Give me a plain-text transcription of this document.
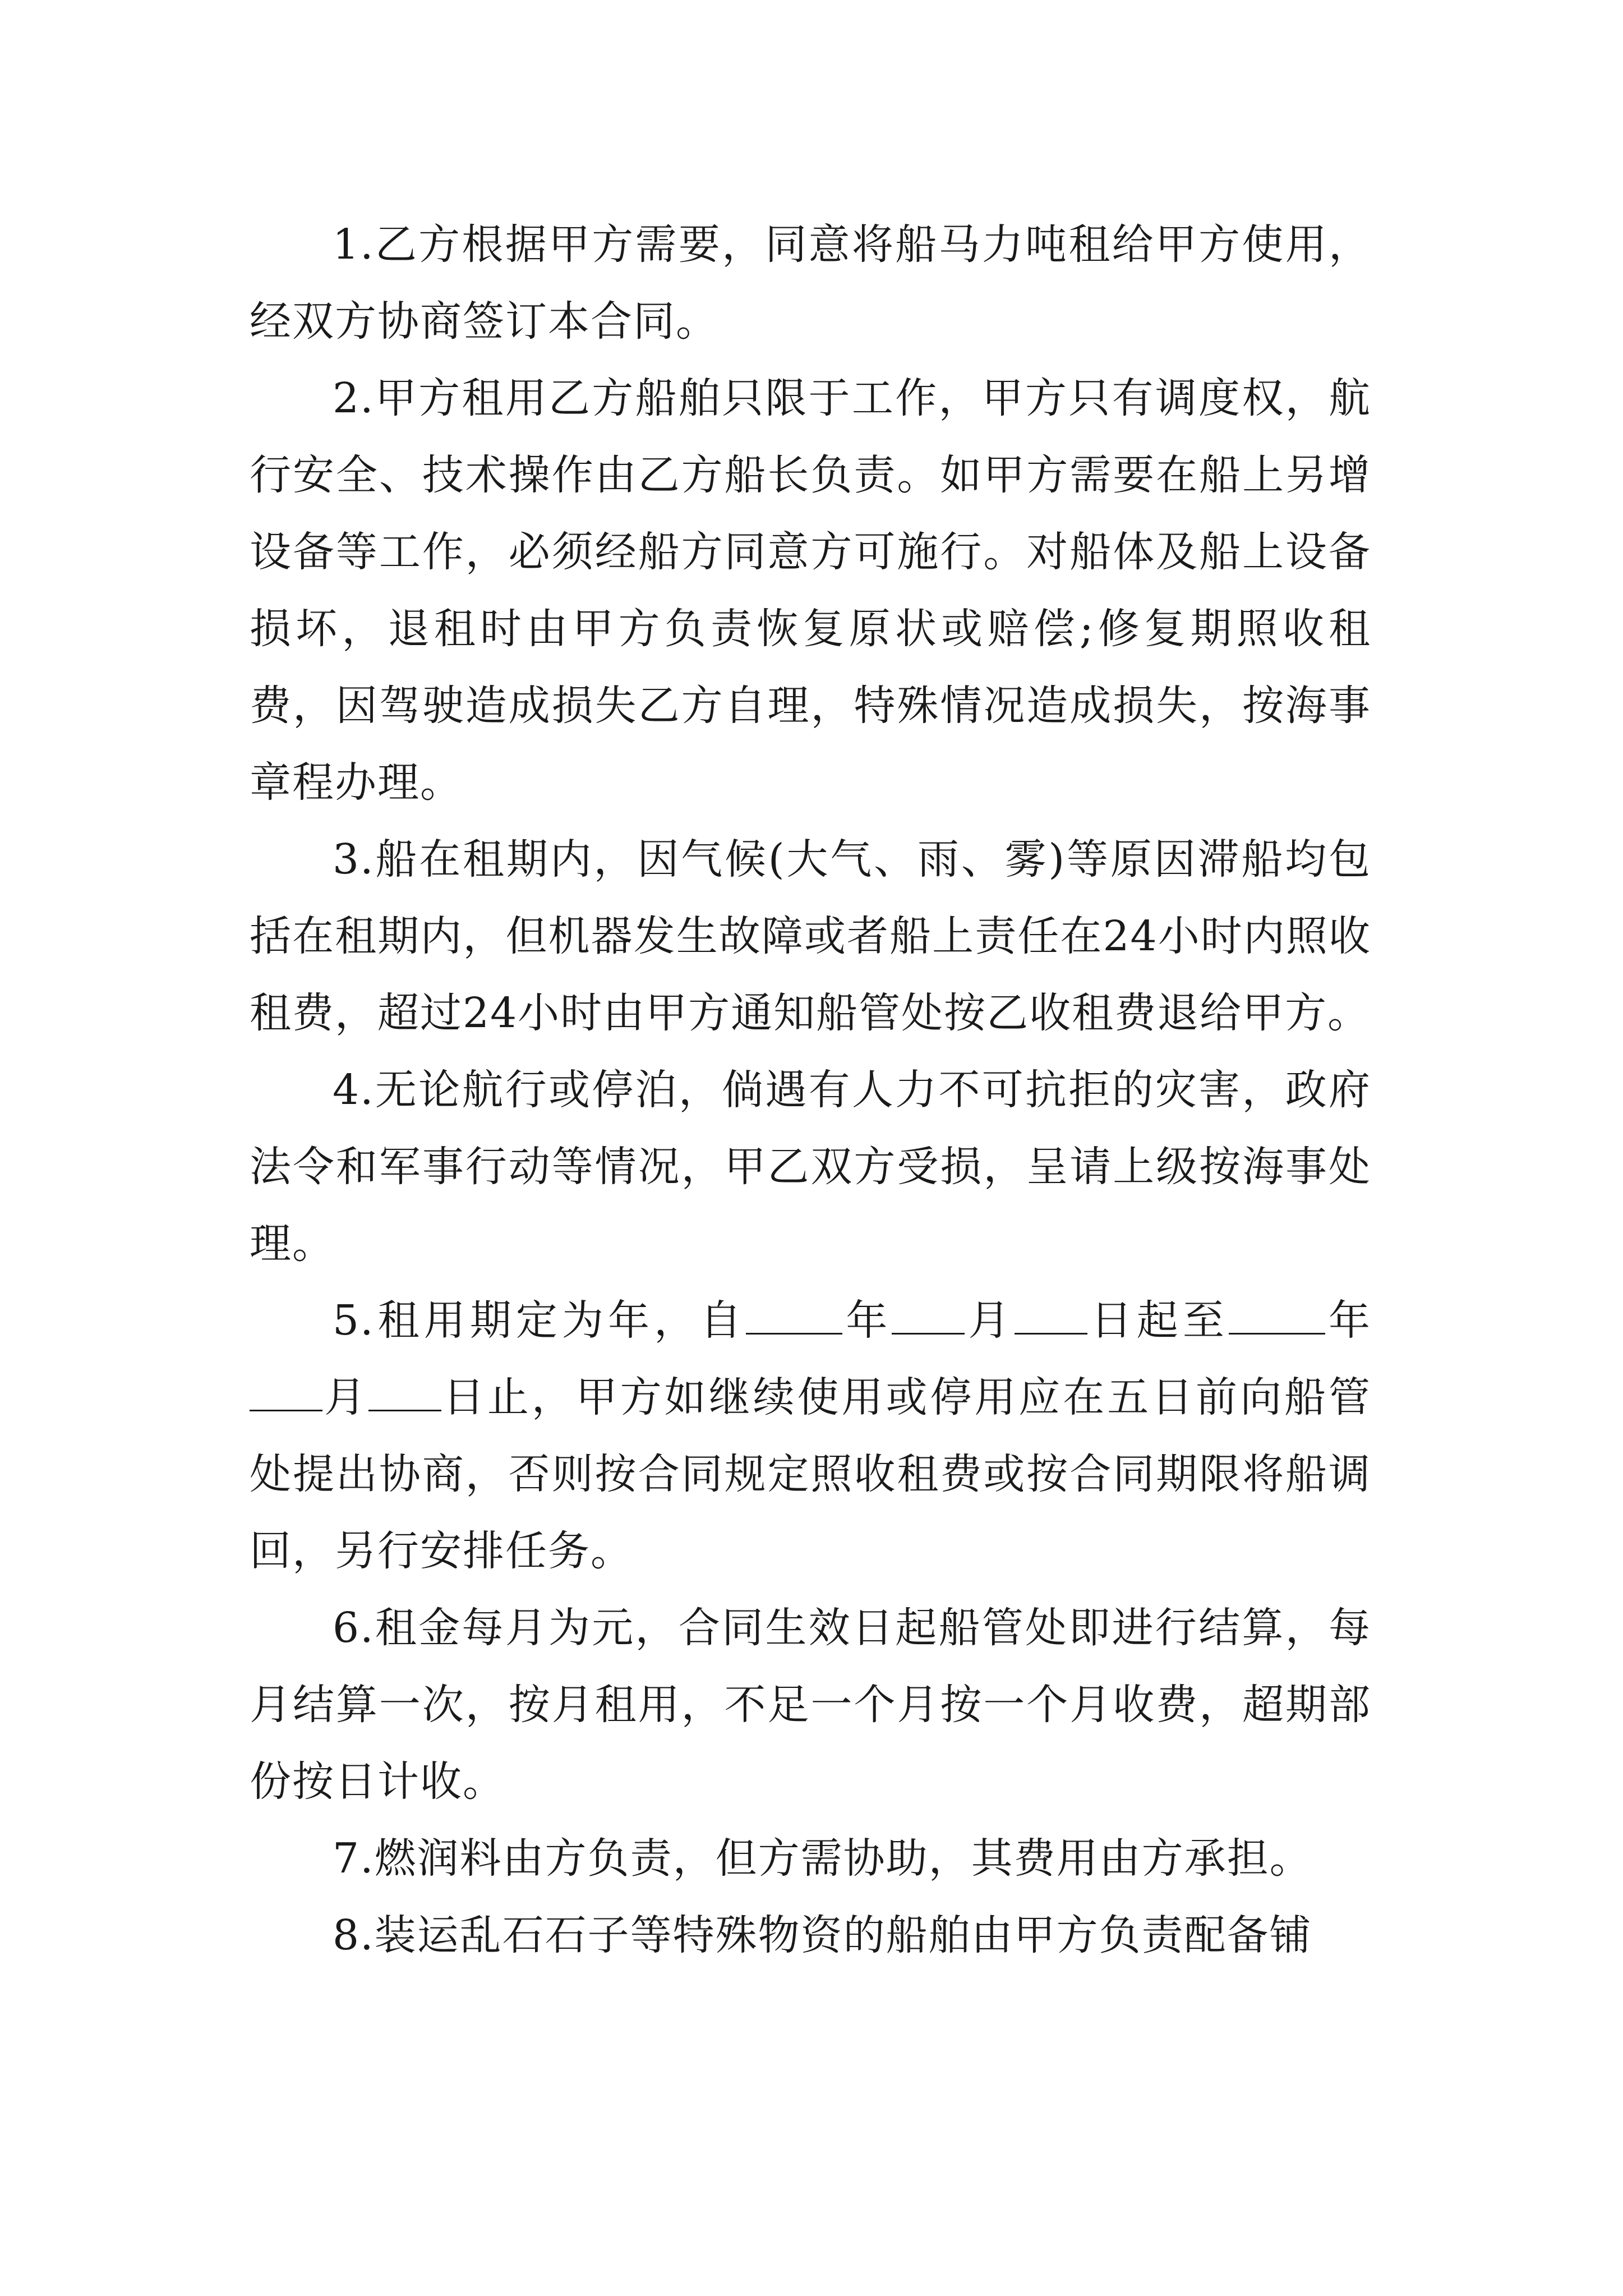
1.乙方根据甲方需要，同意将船马力吨租给甲方使用，经双方协商签订本合同。

2.甲方租用乙方船舶只限于工作，甲方只有调度权，航行安全、技术操作由乙方船长负责。如甲方需要在船上另增设备等工作，必须经船方同意方可施行。对船体及船上设备损坏，退租时由甲方负责恢复原状或赔偿;修复期照收租费，因驾驶造成损失乙方自理，特殊情况造成损失，按海事章程办理。

3.船在租期内，因气候(大气、雨、雾)等原因滞船均包括在租期内，但机器发生故障或者船上责任在24小时内照收租费，超过24小时由甲方通知船管处按乙收租费退给甲方。

4.无论航行或停泊，倘遇有人力不可抗拒的灾害，政府法令和军事行动等情况，甲乙双方受损，呈请上级按海事处理。

5.租用期定为年，自 年 月 日起至 年月 日止，甲方如继续使用或停用应在五日前向船管处提出协商，否则按合同规定照收租费或按合同期限将船调回，另行安排任务。

6.租金每月为元，合同生效日起船管处即进行结算，每月结算一次，按月租用，不足一个月按一个月收费，超期部份按日计收。

7.燃润料由方负责，但方需协助，其费用由方承担。

8.装运乱石石子等特殊物资的船舶由甲方负责配备铺
